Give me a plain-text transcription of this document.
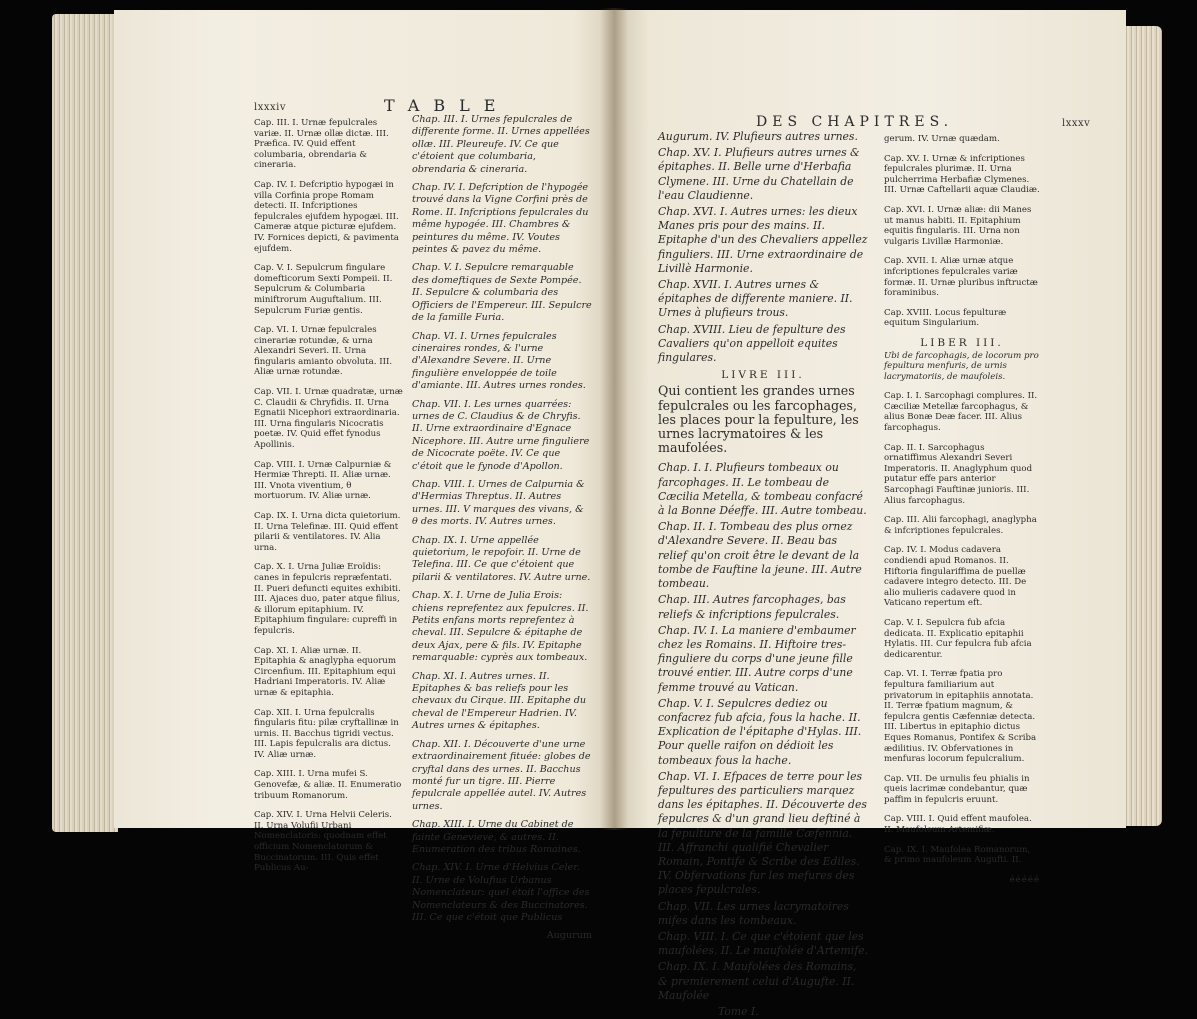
lxxxiv	TABLE
Cap. III. I. Urnæ fepulcrales variæ. II. Urnæ ollæ dictæ. III. Præfica. IV. Quid effent columbaria, obrendaria & cineraria.
Cap. IV. I. Defcriptio hypogæi in villa Corfinia prope Romam detecti. II. Infcriptiones fepulcrales ejufdem hypogæi. III. Cameræ atque picturæ ejufdem. IV. Fornices depicti, & pavimenta ejufdem.
Cap. V. I. Sepulcrum fingulare domefticorum Sexti Pompeii. II. Sepulcrum & Columbaria miniftrorum Auguftalium. III. Sepulcrum Furiæ gentis.
Cap. VI. I. Urnæ fepulcrales cinerariæ rotundæ, & urna Alexandri Severi. II. Urna fingularis amianto obvoluta. III. Aliæ urnæ rotundæ.
Cap. VII. I. Urnæ quadratæ, urnæ C. Claudii & Chryfidis. II. Urna Egnatii Nicephori extraordinaria. III. Urna fingularis Nicocratis poetæ. IV. Quid effet fynodus Apollinis.
Cap. VIII. I. Urnæ Calpurniæ & Hermiæ Threpti. II. Aliæ urnæ. III. Vnota viventium, θ mortuorum. IV. Aliæ urnæ.
Cap. IX. I. Urna dicta quietorium. II. Urna Telefinæ. III. Quid effent pilarii & ventilatores. IV. Alia urna.
Cap. X. I. Urna Juliæ Eroïdis: canes in fepulcris repræfentati. II. Pueri defuncti equites exhibiti. III. Ajaces duo, pater atque filius, & illorum epitaphium. IV. Epitaphium fingulare: cupreffi in fepulcris.
Cap. XI. I. Aliæ urnæ. II. Epitaphia & anaglypha equorum Circenfium. III. Epitaphium equi Hadriani Imperatoris. IV. Aliæ urnæ & epitaphia.
Cap. XII. I. Urna fepulcralis fingularis fitu: pilæ cryftallinæ in urnis. II. Bacchus tigridi vectus. III. Lapis fepulcralis ara dictus. IV. Aliæ urnæ.
Cap. XIII. I. Urna mufei S. Genovefæ, & aliæ. II. Enumeratio tribuum Romanorum.
Cap. XIV. I. Urna Helvii Celeris. II. Urna Volufii Urbani Nomenclatoris: quodnam effet officium Nomenclatorum & Buccinatorum. III. Quis effet Publicus Au-
Chap. III. I. Urnes fepulcrales de differente forme. II. Urnes appellées ollæ. III. Pleureufe. IV. Ce que c'étoient que columbaria, obrendaria & cineraria.
Chap. IV. I. Defcription de l'hypogée trouvé dans la Vigne Corfini près de Rome. II. Infcriptions fepulcrales du même hypogée. III. Chambres & peintures du même. IV. Voutes peintes & pavez du même.
Chap. V. I. Sepulcre remarquable des domeftiques de Sexte Pompée. II. Sepulcre & columbaria des Officiers de l'Empereur. III. Sepulcre de la famille Furia.
Chap. VI. I. Urnes fepulcrales cineraires rondes, & l'urne d'Alexandre Severe. II. Urne fingulière enveloppée de toile d'amiante. III. Autres urnes rondes.
Chap. VII. I. Les urnes quarrées: urnes de C. Claudius & de Chryfis. II. Urne extraordinaire d'Egnace Nicephore. III. Autre urne finguliere de Nicocrate poëte. IV. Ce que c'étoit que le fynode d'Apollon.
Chap. VIII. I. Urnes de Calpurnia & d'Hermias Threptus. II. Autres urnes. III. V marques des vivans, & θ des morts. IV. Autres urnes.
Chap. IX. I. Urne appellée quietorium, le repofoir. II. Urne de Telefina. III. Ce que c'étoient que pilarii & ventilatores. IV. Autre urne.
Chap. X. I. Urne de Julia Erois: chiens reprefentez aux fepulcres. II. Petits enfans morts reprefentez à cheval. III. Sepulcre & épitaphe de deux Ajax, pere & fils. IV. Epitaphe remarquable: cyprès aux tombeaux.
Chap. XI. I. Autres urnes. II. Epitaphes & bas reliefs pour les chevaux du Cirque. III. Epitaphe du cheval de l'Empereur Hadrien. IV. Autres urnes & épitaphes.
Chap. XII. I. Découverte d'une urne extraordinairement fituée: globes de cryftal dans des urnes. II. Bacchus monté fur un tigre. III. Pierre fepulcrale appellée autel. IV. Autres urnes.
Chap. XIII. I. Urne du Cabinet de fainte Genevieve, & autres. II. Enumeration des tribus Romaines.
Chap. XIV. I. Urne d'Helvius Celer. II. Urne de Volufius Urbanus Nomenclateur: quel étoit l'office des Nomenclateurs & des Buccinatores. III. Ce que c'étoit que Publicus
Augurum
DES CHAPITRES.	lxxxv
Augurum. IV. Plufieurs autres urnes.
Chap. XV. I. Plufieurs autres urnes & épitaphes. II. Belle urne d'Herbafia Clymene. III. Urne du Chatellain de l'eau Claudienne.
Chap. XVI. I. Autres urnes: les dieux Manes pris pour des mains. II. Epitaphe d'un des Chevaliers appellez finguliers. III. Urne extraordinaire de Livillè Harmonie.
Chap. XVII. I. Autres urnes & épitaphes de differente maniere. II. Urnes à plufieurs trous.
Chap. XVIII. Lieu de fepulture des Cavaliers qu'on appelloit equites fingulares.
LIVRE III.
Qui contient les grandes urnes fepulcrales ou les farcophages, les places pour la fepulture, les urnes lacrymatoires & les maufolées.
Chap. I. I. Plufieurs tombeaux ou farcophages. II. Le tombeau de Cæcilia Metella, & tombeau confacré à la Bonne Déeffe. III. Autre tombeau.
Chap. II. I. Tombeau des plus ornez d'Alexandre Severe. II. Beau bas relief qu'on croit être le devant de la tombe de Fauftine la jeune. III. Autre tombeau.
Chap. III. Autres farcophages, bas reliefs & infcriptions fepulcrales.
Chap. IV. I. La maniere d'embaumer chez les Romains. II. Hiftoire tres-finguliere du corps d'une jeune fille trouvé entier. III. Autre corps d'une femme trouvé au Vatican.
Chap. V. I. Sepulcres dediez ou confacrez fub afcia, fous la hache. II. Explication de l'épitaphe d'Hylas. III. Pour quelle raifon on dédioit les tombeaux fous la hache.
Chap. VI. I. Efpaces de terre pour les fepultures des particuliers marquez dans les épitaphes. II. Découverte des fepulcres & d'un grand lieu deftiné à la fepulture de la famille Cæfennia. III. Affranchi qualifié Chevalier Romain, Pontife & Scribe des Ediles. IV. Obfervations fur les mefures des places fepulcrales.
Chap. VII. Les urnes lacrymatoires mifes dans les tombeaux.
Chap. VIII. I. Ce que c'étoient que les maufolées. II. Le maufolée d'Artemife.
Chap. IX. I. Maufolées des Romains, & premierement celui d'Augufte. II. Maufolée
Tome I.
gerum. IV. Urnæ quædam.
Cap. XV. I. Urnæ & infcriptiones fepulcrales plurimæ. II. Urna pulcherrima Herbafiæ Clymenes. III. Urnæ Caftellarii aquæ Claudiæ.
Cap. XVI. I. Urnæ aliæ: dii Manes ut manus habiti. II. Epitaphium equitis fingularis. III. Urna non vulgaris Livillæ Harmoniæ.
Cap. XVII. I. Aliæ urnæ atque infcriptiones fepulcrales variæ formæ. II. Urnæ pluribus inftructæ foraminibus.
Cap. XVIII. Locus fepulturæ equitum Singularium.
LIBER III.
Ubi de farcophagis, de locorum pro fepultura menfuris, de urnis lacrymatoriis, de maufoleis.
Cap. I. I. Sarcophagi complures. II. Cæciliæ Metellæ farcophagus, & alius Bonæ Deæ facer. III. Alius farcophagus.
Cap. II. I. Sarcophagus ornatiffimus Alexandri Severi Imperatoris. II. Anaglyphum quod putatur effe pars anterior Sarcophagi Fauftinæ junioris. III. Alius farcophagus.
Cap. III. Alii farcophagi, anaglypha & infcriptiones fepulcrales.
Cap. IV. I. Modus cadavera condiendi apud Romanos. II. Hiftoria fingulariffima de puellæ cadavere integro detecto. III. De alio mulieris cadavere quod in Vaticano repertum eft.
Cap. V. I. Sepulcra fub afcia dedicata. II. Explicatio epitaphii Hylatis. III. Cur fepulcra fub afcia dedicarentur.
Cap. VI. I. Terræ fpatia pro fepultura familiarium aut privatorum in epitaphiis annotata. II. Terræ fpatium magnum, & fepulcra gentis Cæfenniæ detecta. III. Libertus in epitaphio dictus Eques Romanus, Pontifex & Scriba ædilitius. IV. Obfervationes in menfuras locorum fepulcralium.
Cap. VII. De urnulis feu phialis in queis lacrimæ condebantur, quæ paffim in fepulcris eruunt.
Cap. VIII. I. Quid effent maufolea. II. Maufoleum Artemifiæ.
Cap. IX. I. Maufolea Romanorum, & primo maufoleum Augufti. II.
ééééé
